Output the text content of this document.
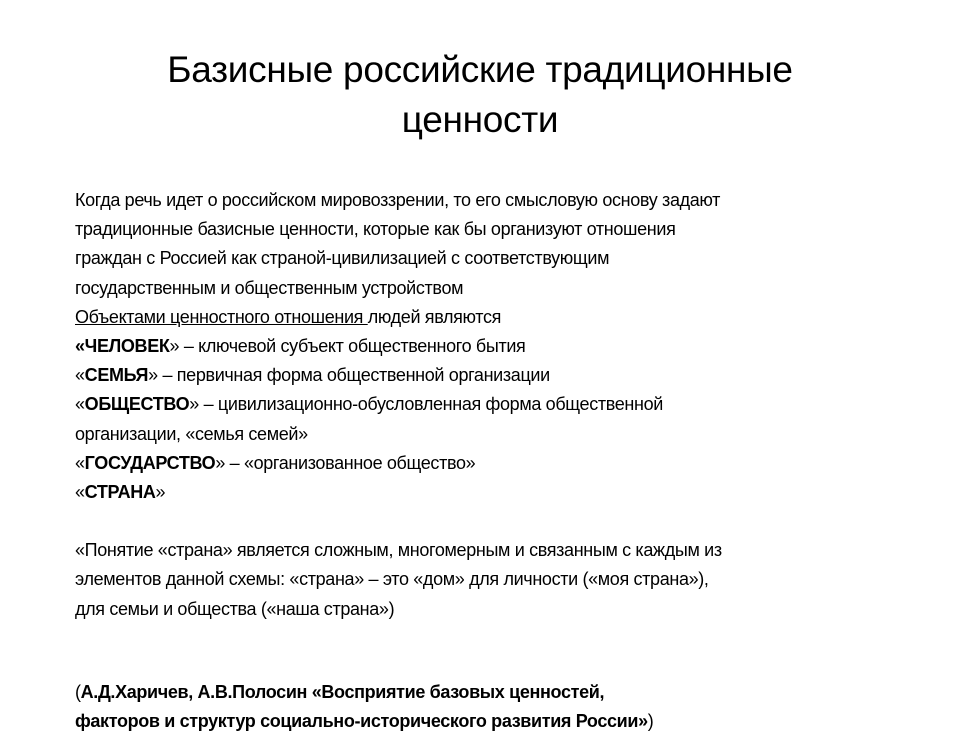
Базисные российские традиционные
ценности
Когда речь идет о российском мировоззрении, то его смысловую основу задают
традиционные базисные ценности, которые как бы организуют отношения
граждан с Россией как страной-цивилизацией с соответствующим
государственным и общественным устройством
Объектами ценностного отношения людей являются
«ЧЕЛОВЕК» – ключевой субъект общественного бытия
«СЕМЬЯ» – первичная форма общественной организации
«ОБЩЕСТВО» – цивилизационно-обусловленная форма общественной
организации, «семья семей»
«ГОСУДАРСТВО» – «организованное общество»
«СТРАНА»
«Понятие «страна» является сложным, многомерным и связанным с каждым из
элементов данной схемы: «страна» – это «дом» для личности («моя страна»),
для семьи и общества («наша страна»)
(А.Д.Харичев, А.В.Полосин «Восприятие базовых ценностей,
факторов и структур социально-исторического развития России»)
